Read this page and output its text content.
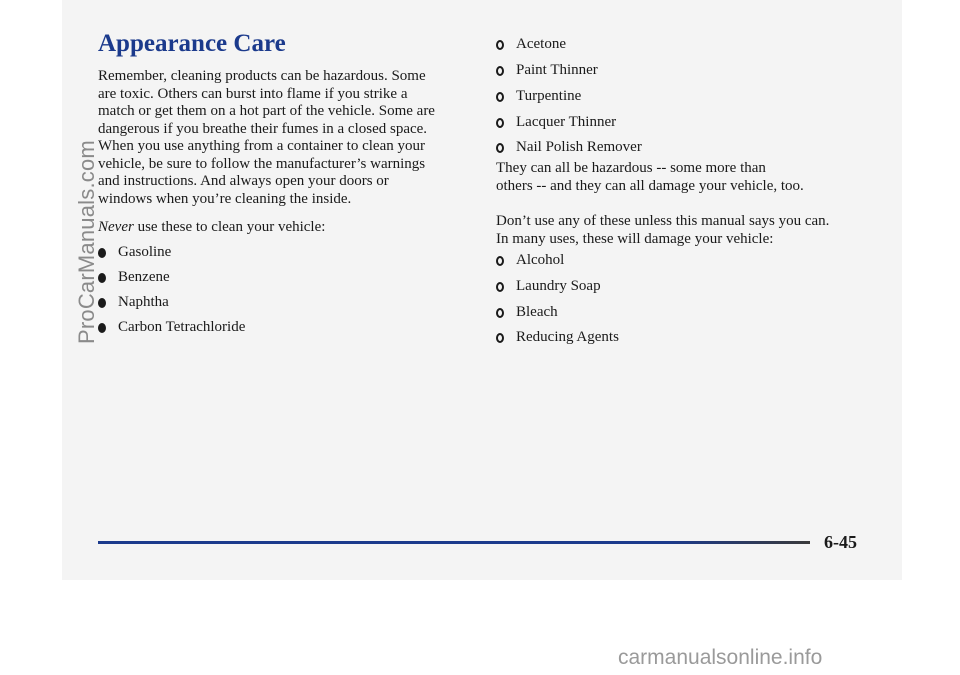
Appearance Care
Remember, cleaning products can be hazardous. Some
are toxic. Others can burst into flame if you strike a
match or get them on a hot part of the vehicle. Some are
dangerous if you breathe their fumes in a closed space.
When you use anything from a container to clean your
vehicle, be sure to follow the manufacturer’s warnings
and instructions. And always open your doors or
windows when you’re cleaning the inside.
Never use these to clean your vehicle:
Gasoline
Benzene
Naphtha
Carbon Tetrachloride
Acetone
Paint Thinner
Turpentine
Lacquer Thinner
Nail Polish Remover
They can all be hazardous -- some more than
others -- and they can all damage your vehicle, too.
Don’t use any of these unless this manual says you can.
In many uses, these will damage your vehicle:
Alcohol
Laundry Soap
Bleach
Reducing Agents
6-45
ProCarManuals.com
carmanualsonline.info
